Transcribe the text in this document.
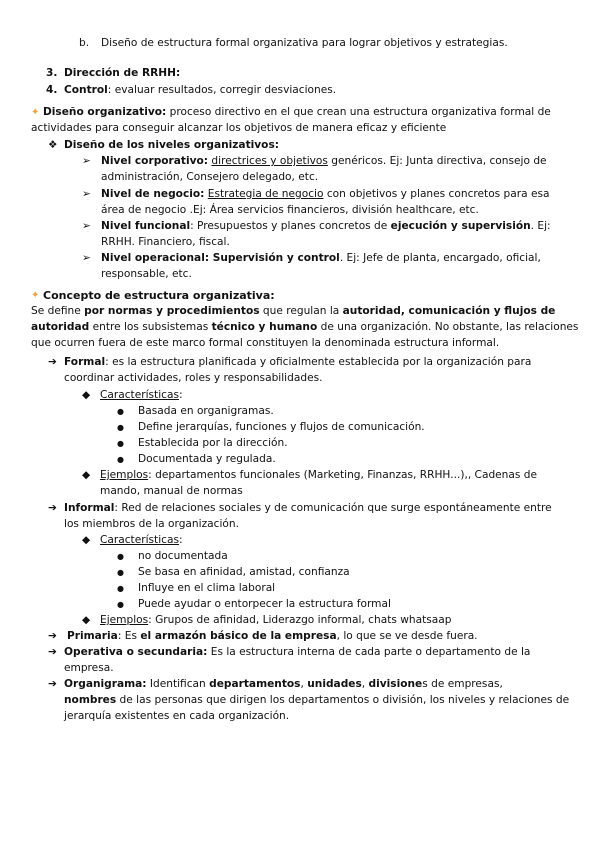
b. Diseño de estructura formal organizativa para lograr objetivos y estrategias.
3. Dirección de RRHH:
4. Control: evaluar resultados, corregir desviaciones.
✦ Diseño organizativo: proceso directivo en el que crean una estructura organizativa formal de
actividades para conseguir alcanzar los objetivos de manera eficaz y eficiente
❖ Diseño de los niveles organizativos:
➢ Nivel corporativo: directrices y objetivos genéricos. Ej: Junta directiva, consejo de
administración, Consejero delegado, etc.
➢ Nivel de negocio: Estrategia de negocio con objetivos y planes concretos para esa
área de negocio .Ej: Área servicios financieros, división healthcare, etc.
➢ Nivel funcional: Presupuestos y planes concretos de ejecución y supervisión. Ej:
RRHH. Financiero, fiscal.
➢ Nivel operacional: Supervisión y control. Ej: Jefe de planta, encargado, oficial,
responsable, etc.
✦ Concepto de estructura organizativa:
Se define por normas y procedimientos que regulan la autoridad, comunicación y flujos de
autoridad entre los subsistemas técnico y humano de una organización. No obstante, las relaciones
que ocurren fuera de este marco formal constituyen la denominada estructura informal.
➔ Formal: es la estructura planificada y oficialmente establecida por la organización para
coordinar actividades, roles y responsabilidades.
◆ Características:
● Basada en organigramas.
● Define jerarquías, funciones y flujos de comunicación.
● Establecida por la dirección.
● Documentada y regulada.
◆ Ejemplos: departamentos funcionales (Marketing, Finanzas, RRHH...),, Cadenas de
mando, manual de normas
➔ Informal: Red de relaciones sociales y de comunicación que surge espontáneamente entre
los miembros de la organización.
◆ Características:
● no documentada
● Se basa en afinidad, amistad, confianza
● Influye en el clima laboral
● Puede ayudar o entorpecer la estructura formal
◆ Ejemplos: Grupos de afinidad, Liderazgo informal, chats whatsaap
➔ Primaria: Es el armazón básico de la empresa, lo que se ve desde fuera.
➔ Operativa o secundaria: Es la estructura interna de cada parte o departamento de la
empresa.
➔ Organigrama: Identifican departamentos, unidades, divisiones de empresas,
nombres de las personas que dirigen los departamentos o división, los niveles y relaciones de
jerarquía existentes en cada organización.
